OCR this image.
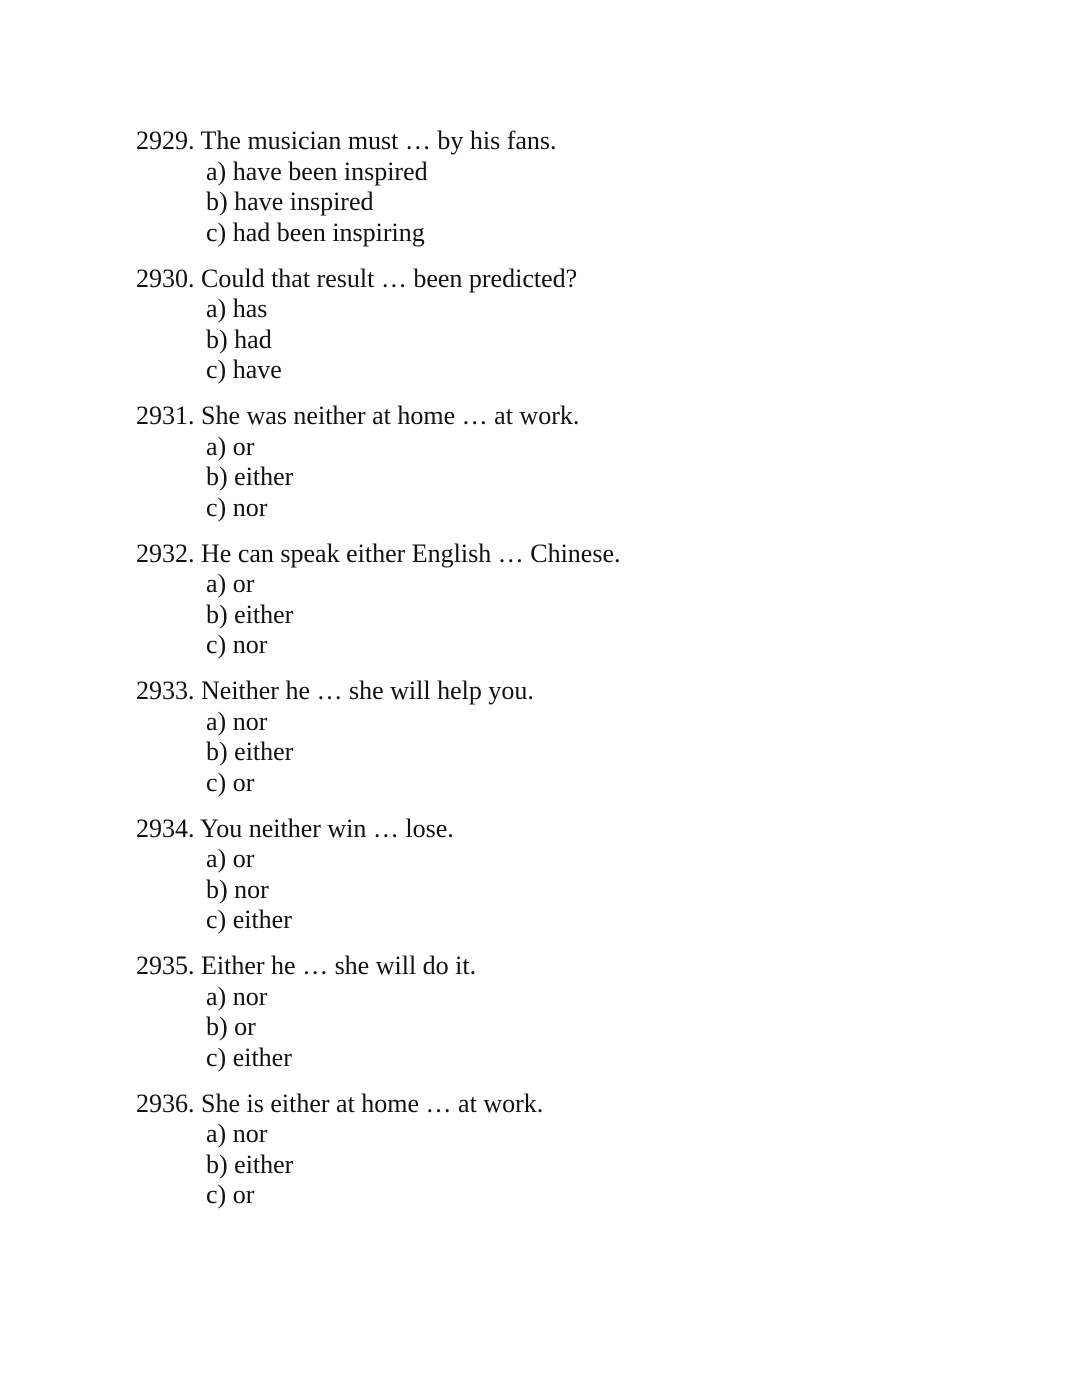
2929. The musician must … by his fans.
a) have been inspired
b) have inspired
c) had been inspiring
2930. Could that result … been predicted?
a) has
b) had
c) have
2931. She was neither at home … at work.
a) or
b) either
c) nor
2932. He can speak either English … Chinese.
a) or
b) either
c) nor
2933. Neither he … she will help you.
a) nor
b) either
c) or
2934. You neither win … lose.
a) or
b) nor
c) either
2935. Either he … she will do it.
a) nor
b) or
c) either
2936. She is either at home … at work.
a) nor
b) either
c) or
